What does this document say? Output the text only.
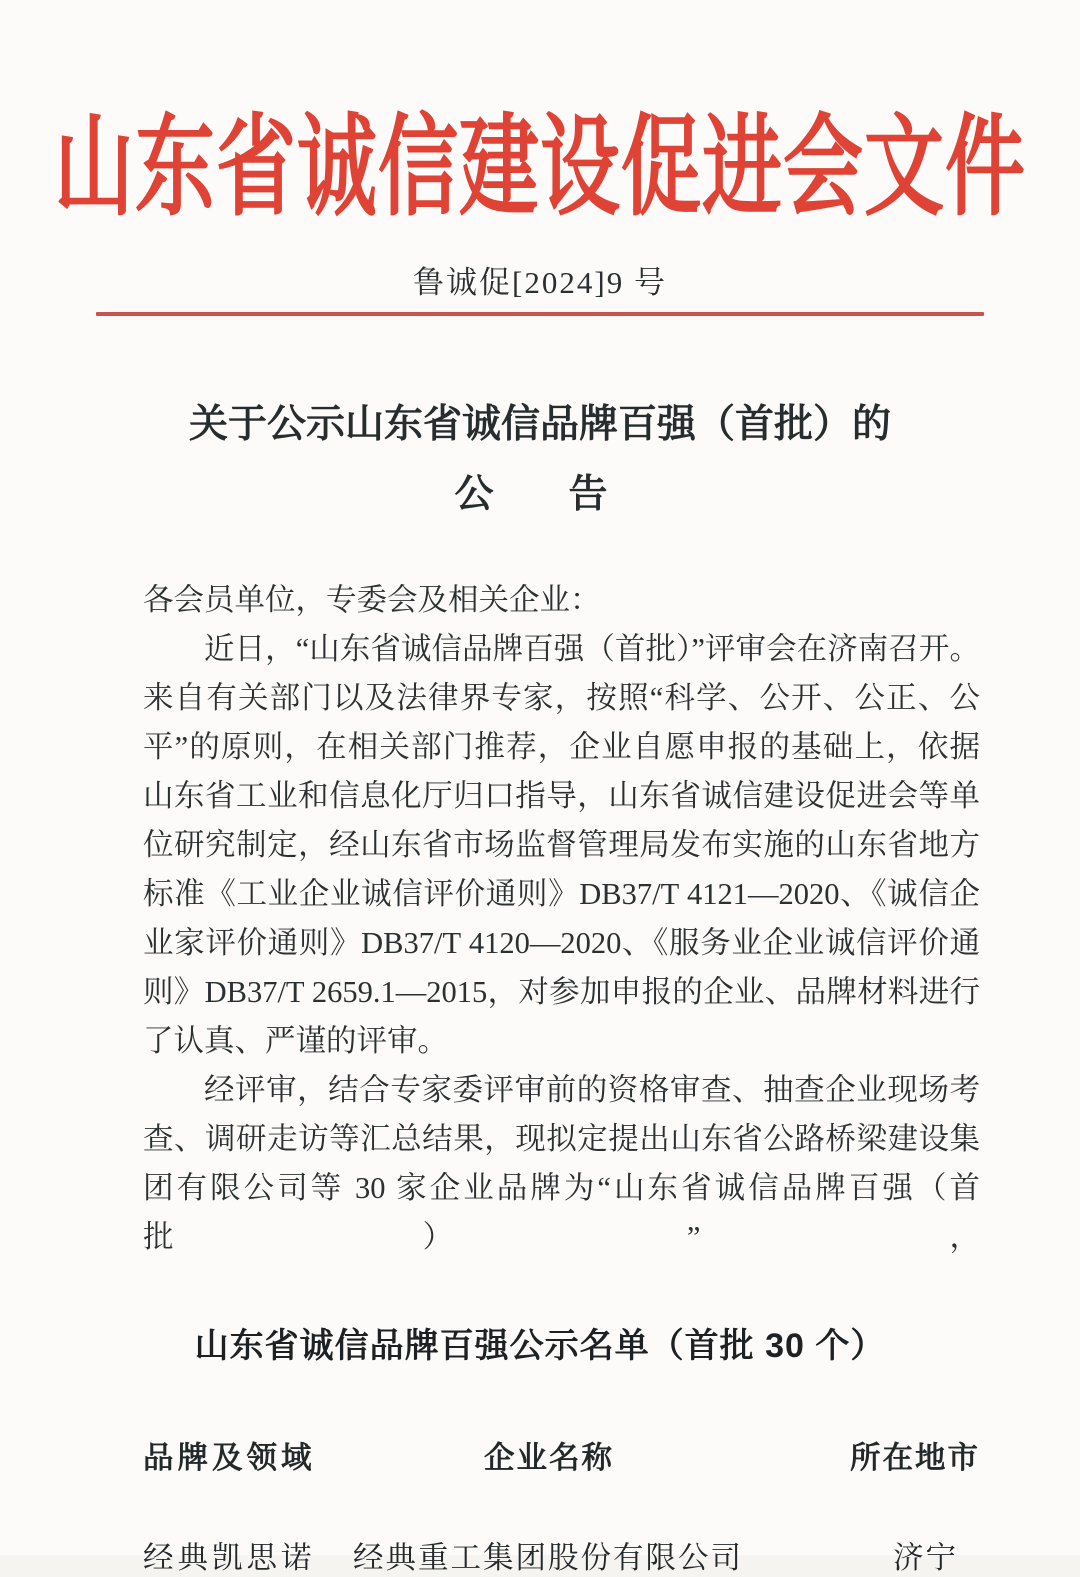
山东省诚信建设促进会文件
鲁诚促[2024]9 号
关于公示山东省诚信品牌百强（首批）的
公　告
各会员单位，专委会及相关企业：
近日，“山东省诚信品牌百强（首批）”评审会在济南召开。
来自有关部门以及法律界专家，按照“科学、公开、公正、公
平”的原则，在相关部门推荐，企业自愿申报的基础上，依据
山东省工业和信息化厅归口指导，山东省诚信建设促进会等单
位研究制定，经山东省市场监督管理局发布实施的山东省地方
标准《工业企业诚信评价通则》DB37/T 4121—2020、《诚信企
业家评价通则》DB37/T 4120—2020、《服务业企业诚信评价通
则》DB37/T 2659.1—2015，对参加申报的企业、品牌材料进行
了认真、严谨的评审。
经评审，结合专家委评审前的资格审查、抽查企业现场考
查、调研走访等汇总结果，现拟定提出山东省公路桥梁建设集
团有限公司等 30 家企业品牌为“山东省诚信品牌百强（首批）”，
山东省诚信品牌百强公示名单（首批 30 个）
品牌及领域	企业名称	所在地市
经典凯思诺	经典重工集团股份有限公司	济宁
